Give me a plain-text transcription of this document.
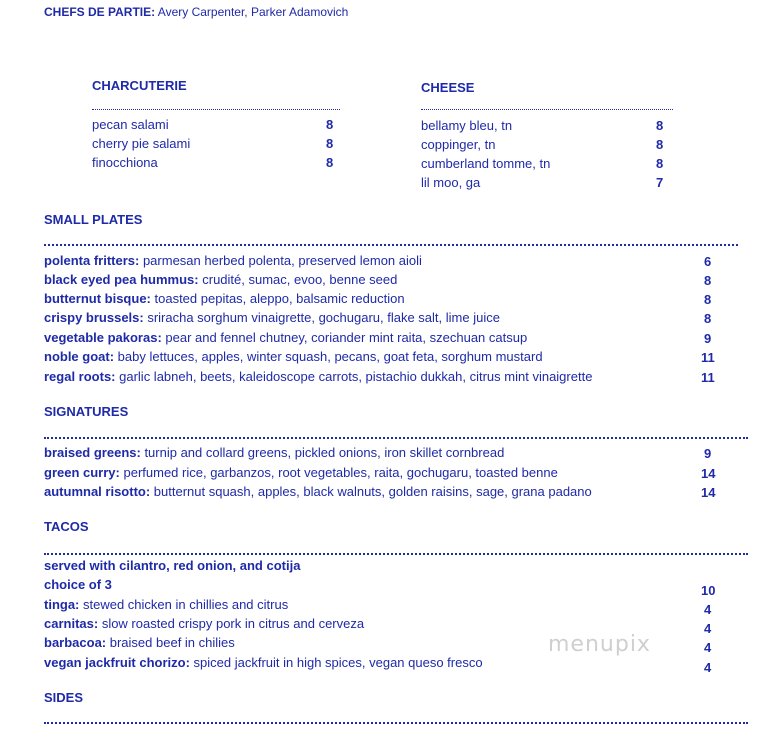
CHEFS DE PARTIE: Avery Carpenter, Parker Adamovich
CHARCUTERIE
pecan salami	8
cherry pie salami	8
finocchiona	8
CHEESE
bellamy bleu, tn	8
coppinger, tn	8
cumberland tomme, tn	8
lil moo, ga	7
SMALL PLATES
polenta fritters: parmesan herbed polenta, preserved lemon aioli	6
black eyed pea hummus: crudité, sumac, evoo, benne seed	8
butternut bisque: toasted pepitas, aleppo, balsamic reduction	8
crispy brussels: sriracha sorghum vinaigrette, gochugaru, flake salt, lime juice	8
vegetable pakoras: pear and fennel chutney, coriander mint raita, szechuan catsup	9
noble goat: baby lettuces, apples, winter squash, pecans, goat feta, sorghum mustard	11
regal roots: garlic labneh, beets, kaleidoscope carrots, pistachio dukkah, citrus mint vinaigrette	11
SIGNATURES
braised greens: turnip and collard greens, pickled onions, iron skillet cornbread	9
green curry: perfumed rice, garbanzos, root vegetables, raita, gochugaru, toasted benne	14
autumnal risotto: butternut squash, apples, black walnuts, golden raisins, sage, grana padano	14
TACOS
served with cilantro, red onion, and cotija
choice of 3	10
tinga: stewed chicken in chillies and citrus	4
carnitas: slow roasted crispy pork in citrus and cerveza	4
barbacoa: braised beef in chilies	4
vegan jackfruit chorizo: spiced jackfruit in high spices, vegan queso fresco	4
SIDES
menupix
